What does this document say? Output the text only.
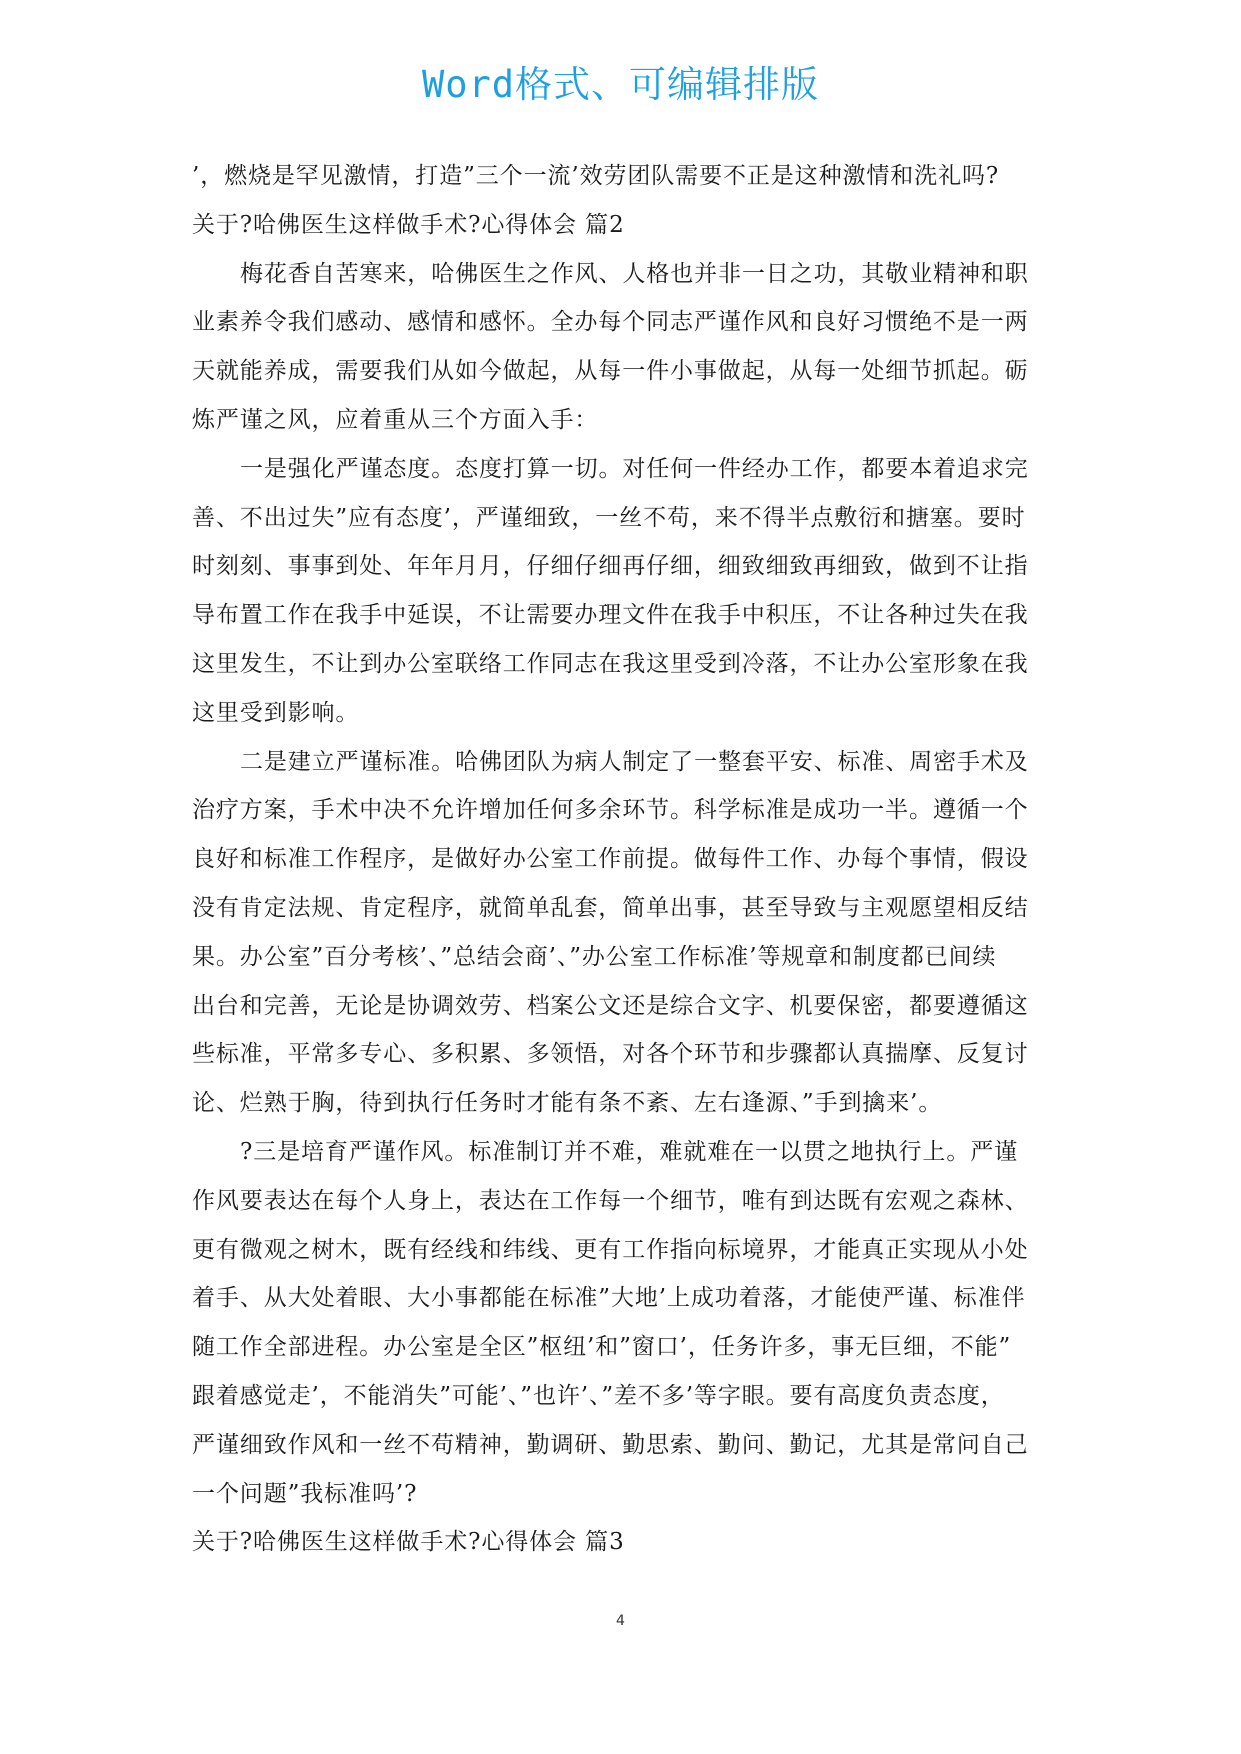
Word格式、可编辑排版
’，燃烧是罕见激情，打造”三个一流’效劳团队需要不正是这种激情和洗礼吗?
关于?哈佛医生这样做手术?心得体会 篇2
梅花香自苦寒来，哈佛医生之作风、人格也并非一日之功，其敬业精神和职
业素养令我们感动、感情和感怀。全办每个同志严谨作风和良好习惯绝不是一两
天就能养成，需要我们从如今做起，从每一件小事做起，从每一处细节抓起。砺
炼严谨之风，应着重从三个方面入手：
一是强化严谨态度。态度打算一切。对任何一件经办工作，都要本着追求完
善、不出过失”应有态度’，严谨细致，一丝不苟，来不得半点敷衍和搪塞。要时
时刻刻、事事到处、年年月月，仔细仔细再仔细，细致细致再细致，做到不让指
导布置工作在我手中延误，不让需要办理文件在我手中积压，不让各种过失在我
这里发生，不让到办公室联络工作同志在我这里受到冷落，不让办公室形象在我
这里受到影响。
二是建立严谨标准。哈佛团队为病人制定了一整套平安、标准、周密手术及
治疗方案，手术中决不允许增加任何多余环节。科学标准是成功一半。遵循一个
良好和标准工作程序，是做好办公室工作前提。做每件工作、办每个事情，假设
没有肯定法规、肯定程序，就简单乱套，简单出事，甚至导致与主观愿望相反结
果。办公室”百分考核’、”总结会商’、”办公室工作标准’等规章和制度都已间续
出台和完善，无论是协调效劳、档案公文还是综合文字、机要保密，都要遵循这
些标准，平常多专心、多积累、多领悟，对各个环节和步骤都认真揣摩、反复讨
论、烂熟于胸，待到执行任务时才能有条不紊、左右逢源、”手到擒来’。
?三是培育严谨作风。标准制订并不难，难就难在一以贯之地执行上。严谨
作风要表达在每个人身上，表达在工作每一个细节，唯有到达既有宏观之森林、
更有微观之树木，既有经线和纬线、更有工作指向标境界，才能真正实现从小处
着手、从大处着眼、大小事都能在标准”大地’上成功着落，才能使严谨、标准伴
随工作全部进程。办公室是全区”枢纽’和”窗口’，任务许多，事无巨细，不能”
跟着感觉走’，不能消失”可能’、”也许’、”差不多’等字眼。要有高度负责态度，
严谨细致作风和一丝不苟精神，勤调研、勤思索、勤问、勤记，尤其是常问自己
一个问题”我标准吗’?
关于?哈佛医生这样做手术?心得体会 篇3
4
